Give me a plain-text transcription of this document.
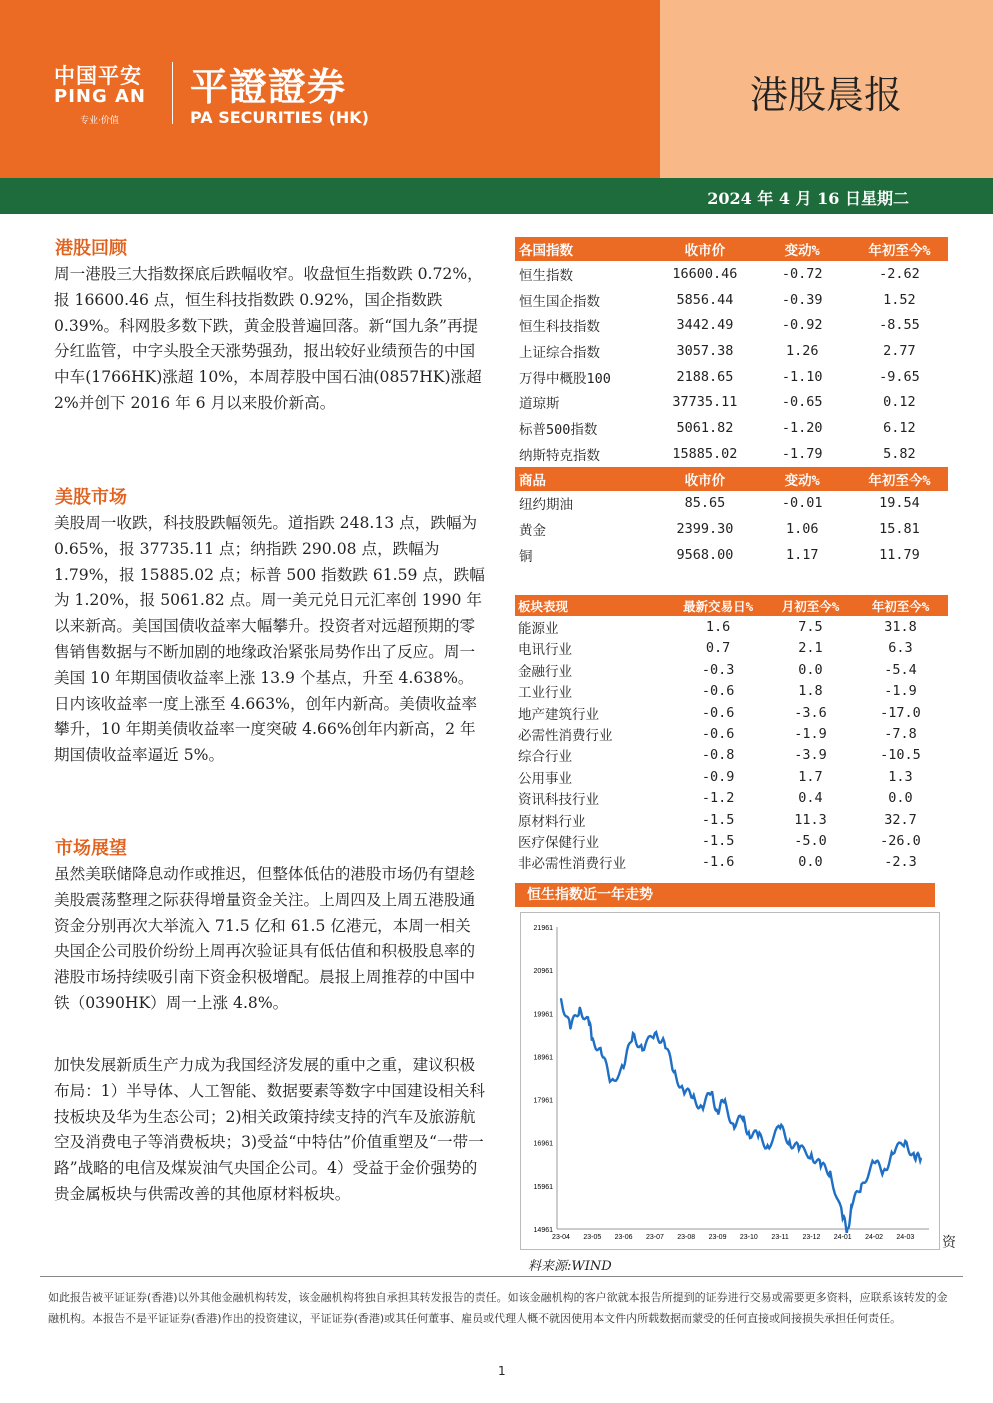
中国平安
PING AN
专业·价值
平證證券
PA SECURITIES (HK)
港股晨报
2024 年 4 月 16 日星期二
港股回顾

周一港股三大指数探底后跌幅收窄。收盘恒生指数跌 0.72%，报 16600.46 点，恒生科技指数跌 0.92%，国企指数跌 0.39%。科网股多数下跌，黄金股普遍回落。新“国九条”再提分红监管，中字头股全天涨势强劲，报出较好业绩预告的中国中车(1766HK)涨超 10%，本周荐股中国石油(0857HK)涨超 2%并创下 2016 年 6 月以来股价新高。

美股市场

美股周一收跌，科技股跌幅领先。道指跌 248.13 点，跌幅为 0.65%，报 37735.11 点；纳指跌 290.08 点，跌幅为 1.79%，报 15885.02 点；标普 500 指数跌 61.59 点，跌幅为 1.20%，报 5061.82 点。周一美元兑日元汇率创 1990 年以来新高。美国国债收益率大幅攀升。投资者对远超预期的零售销售数据与不断加剧的地缘政治紧张局势作出了反应。周一美国 10 年期国债收益率上涨 13.9 个基点，升至 4.638%。日内该收益率一度上涨至 4.663%，创年内新高。美债收益率攀升，10 年期美债收益率一度突破 4.66%创年内新高，2 年期国债收益率逼近 5%。

市场展望

虽然美联储降息动作或推迟，但整体低估的港股市场仍有望趁美股震荡整理之际获得增量资金关注。上周四及上周五港股通资金分别再次大举流入 71.5 亿和 61.5 亿港元，本周一相关央国企公司股价纷纷上周再次验证具有低估值和积极股息率的港股市场持续吸引南下资金积极增配。晨报上周推荐的中国中铁（0390HK）周一上涨 4.8%。

加快发展新质生产力成为我国经济发展的重中之重，建议积极布局：1）半导体、人工智能、数据要素等数字中国建设相关科技板块及华为生态公司；2)相关政策持续支持的汽车及旅游航空及消费电子等消费板块；3)受益“中特估”价值重塑及“一带一路”战略的电信及煤炭油气央国企公司。4）受益于金价强势的贵金属板块与供需改善的其他原材料板块。

各国指数	收市价	变动%	年初至今%
恒生指数	16600.46	-0.72	-2.62
恒生国企指数	5856.44	-0.39	1.52
恒生科技指数	3442.49	-0.92	-8.55
上证综合指数	3057.38	1.26	2.77
万得中概股100	2188.65	-1.10	-9.65
道琼斯	37735.11	-0.65	0.12
标普500指数	5061.82	-1.20	6.12
纳斯特克指数	15885.02	-1.79	5.82
商品	收市价	变动%	年初至今%
纽约期油	85.65	-0.01	19.54
黄金	2399.30	1.06	15.81
铜	9568.00	1.17	11.79
板块表现	最新交易日%	月初至今%	年初至今%
能源业	1.6	7.5	31.8
电讯行业	0.7	2.1	6.3
金融行业	-0.3	0.0	-5.4
工业行业	-0.6	1.8	-1.9
地产建筑行业	-0.6	-3.6	-17.0
必需性消费行业	-0.6	-1.9	-7.8
综合行业	-0.8	-3.9	-10.5
公用事业	-0.9	1.7	1.3
资讯科技行业	-1.2	0.4	0.0
原材料行业	-1.5	11.3	32.7
医疗保健行业	-1.5	-5.0	-26.0
非必需性消费行业	-1.6	0.0	-2.3
恒生指数近一年走势
14961
15961
16961
17961
18961
19961
20961
21961
23-04 23-05 23-06 23-07 23-08 23-09 23-10 23-11 23-12 24-01 24-02 24-03
料来源:WIND
资
如此报告被平证证券(香港)以外其他金融机构转发，该金融机构将独自承担其转发报告的责任。如该金融机构的客户欲就本报告所提到的证券进行交易或需要更多资料，应联系该转发的金融机构。本报告不是平证证券(香港)作出的投资建议，平证证券(香港)或其任何董事、雇员或代理人概不就因使用本文件内所载数据而蒙受的任何直接或间接损失承担任何责任。
1
